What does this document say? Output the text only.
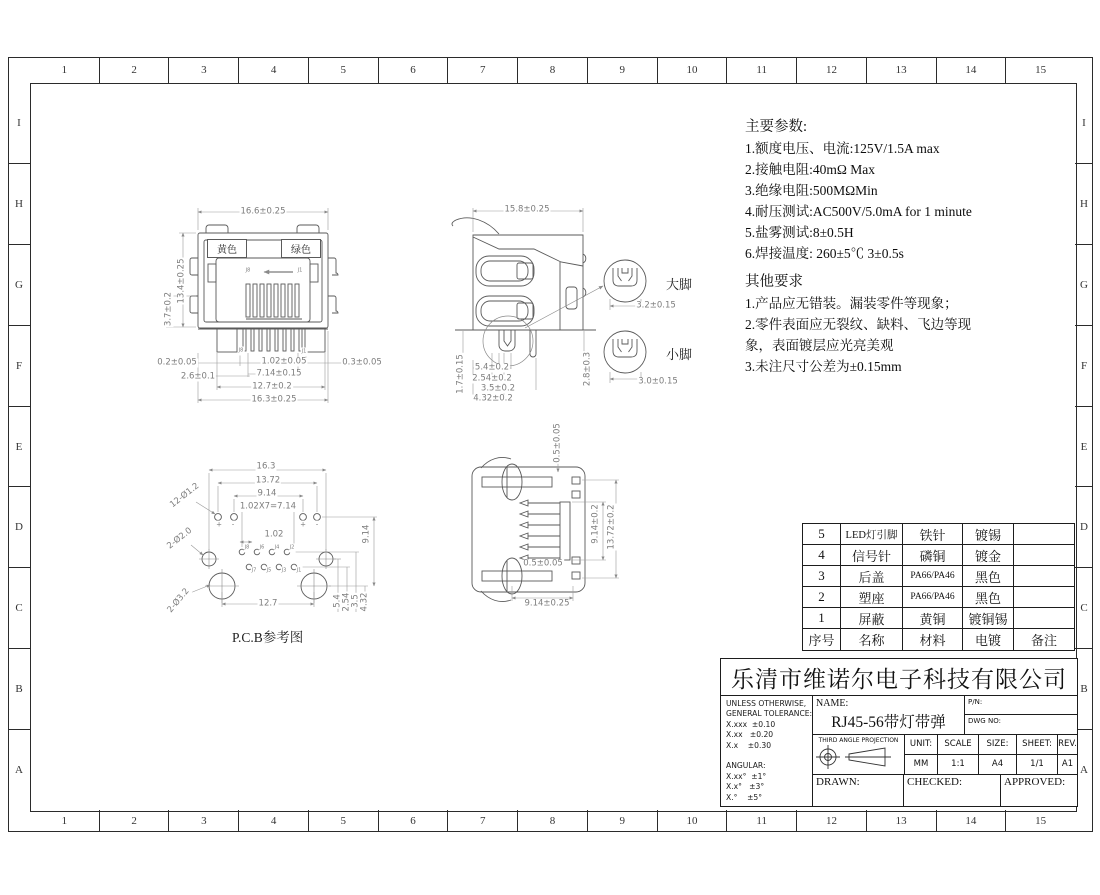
1	2	3	4	5	6	7	8	9	10	11	12	13	14	15
1	2	3	4	5	6	7	8	9	10	11	12	13	14	15
I
H
G
F
E
D
C
B
A
I
H
G
F
E
D
C
B
A
16.6±0.25
13.4±0.25
3.7±0.2
0.2±0.05	1.02±0.05	0.3±0.05
2.6±0.1	7.14±0.15
12.7±0.2
16.3±0.25
J8	J1
J8	J1
15.8±0.25
1.7±0.15 5.4±0.2
2.54±0.2
3.5±0.2
4.32±0.2
2.8±0.3
3.2±0.15
3.0±0.15
0.5±0.05
9.14±0.2 13.72±0.2
0.5±0.05
9.14±0.25
16.3
13.72
9.14
1.02X7=7.14
1.02
12.7
12-Ø1.2
2-Ø2.0
2-Ø3.2
9.14
5.4 2.54 3.5 4.32
+ -	+ -
J8 J6 J4 J2
J7 J5 J3 J1
黄色	绿色
大脚
小脚
P.C.B参考图
主要参数:
1.额度电压、电流:125V/1.5A max
2.接触电阻:40mΩ Max
3.绝缘电阻:500MΩMin
4.耐压测试:AC500V/5.0mA for 1 minute
5.盐雾测试:8±0.5H
6.焊接温度: 260±5℃ 3±0.5s
其他要求
1.产品应无错装。漏装零件等现象；
2.零件表面应无裂纹、缺料、飞边等现
象，表面镀层应光亮美观
3.未注尺寸公差为±0.15mm
5	LED灯引脚	铁针	镀锡
4	信号针	磷铜	镀金
3	后盖	PA66/PA46	黑色
2	塑座	PA66/PA46	黑色
1	屏蔽	黄铜	镀铜锡
序号	名称	材料	电镀	备注
乐清市维诺尔电子科技有限公司
UNLESS OTHERWISE,
GENERAL TOLERANCE:
X.xxx  ±0.10
X.xx   ±0.20
X.x    ±0.30

ANGULAR:
X.xx°  ±1°
X.x°   ±3°
X.°    ±5°
NAME:
RJ45-56带灯带弹
P/N:
DWG NO:
THIRD ANGLE PROJECTION	UNIT:	SCALE	SIZE:	SHEET: REV.
MM	1:1	A4	1/1	A1
DRAWN:	CHECKED:	APPROVED:
